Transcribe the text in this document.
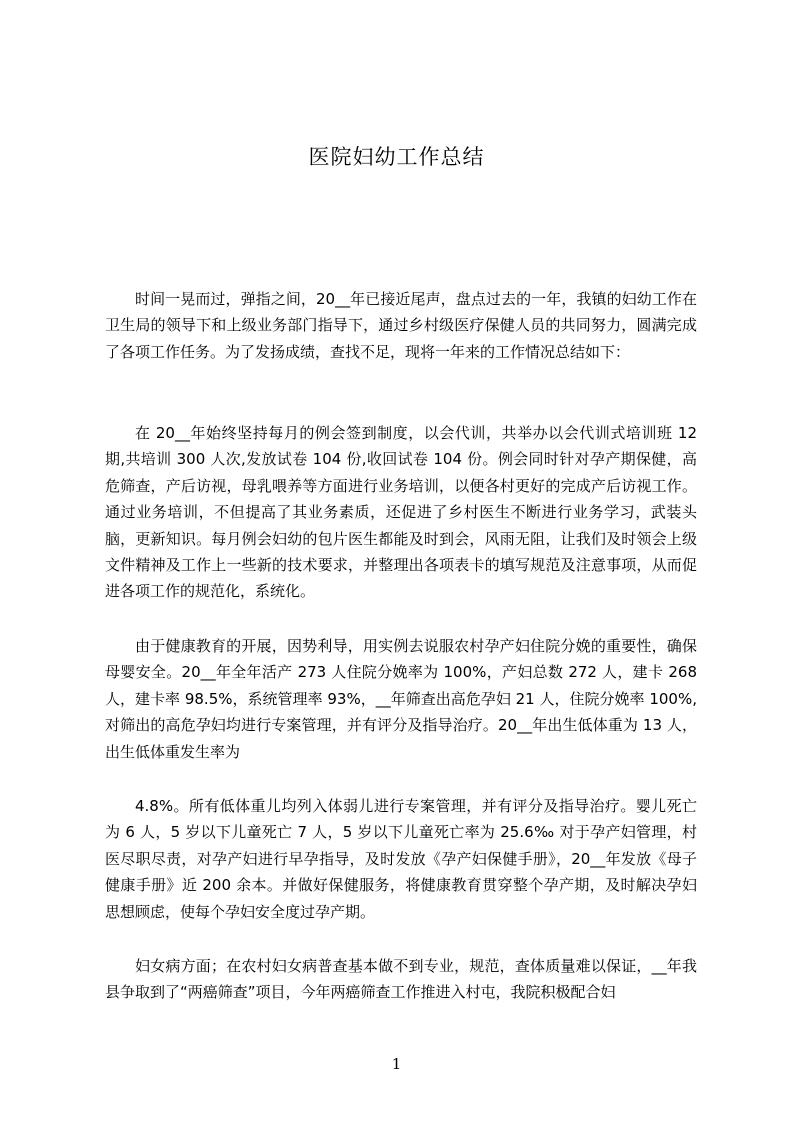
医院妇幼工作总结

时间一晃而过，弹指之间，20__年已接近尾声，盘点过去的一年，我镇的妇幼工作在卫生局的领导下和上级业务部门指导下，通过乡村级医疗保健人员的共同努力，圆满完成了各项工作任务。为了发扬成绩，查找不足，现将一年来的工作情况总结如下：

在 20__年始终坚持每月的例会签到制度，以会代训，共举办以会代训式培训班 12 期,共培训 300 人次,发放试卷 104 份,收回试卷 104 份。例会同时针对孕产期保健，高危筛查，产后访视，母乳喂养等方面进行业务培训，以便各村更好的完成产后访视工作。通过业务培训，不但提高了其业务素质，还促进了乡村医生不断进行业务学习，武装头脑，更新知识。每月例会妇幼的包片医生都能及时到会，风雨无阻，让我们及时领会上级文件精神及工作上一些新的技术要求，并整理出各项表卡的填写规范及注意事项，从而促进各项工作的规范化，系统化。

由于健康教育的开展，因势利导，用实例去说服农村孕产妇住院分娩的重要性，确保母婴安全。20__年全年活产 273 人住院分娩率为 100%，产妇总数 272 人，建卡 268 人，建卡率 98.5%，系统管理率 93%，__年筛查出高危孕妇 21 人，住院分娩率 100%,对筛出的高危孕妇均进行专案管理，并有评分及指导治疗。20__年出生低体重为 13 人，出生低体重发生率为

4.8%。所有低体重儿均列入体弱儿进行专案管理，并有评分及指导治疗。婴儿死亡为 6 人，5 岁以下儿童死亡 7 人，5 岁以下儿童死亡率为 25.6‰ 对于孕产妇管理，村医尽职尽责，对孕产妇进行早孕指导，及时发放《孕产妇保健手册》，20__年发放《母子健康手册》近 200 余本。并做好保健服务，将健康教育贯穿整个孕产期，及时解决孕妇思想顾虑，使每个孕妇安全度过孕产期。

妇女病方面；在农村妇女病普查基本做不到专业，规范，查体质量难以保证，__年我县争取到了“两癌筛查”项目，今年两癌筛查工作推进入村屯，我院积极配合妇

1
